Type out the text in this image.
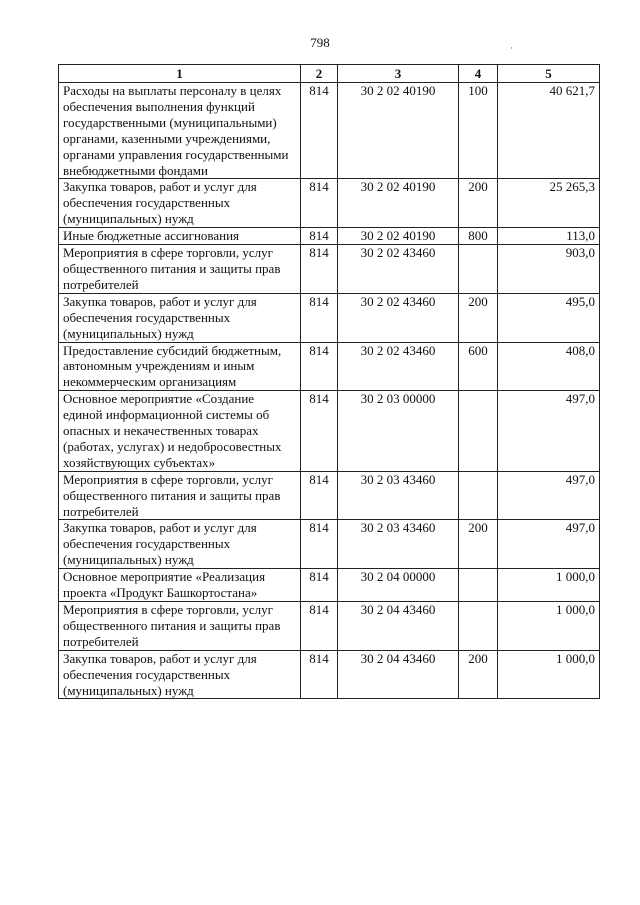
798	·
1	2	3	4	5
Расходы на выплаты персоналу в целях обеспечения выполнения функций государственными (муниципальными) органами, казенными учреждениями, органами управления государственными внебюджетными фондами	814	30 2 02 40190	100	40 621,7
Закупка товаров, работ и услуг для обеспечения государственных (муниципальных) нужд	814	30 2 02 40190	200	25 265,3
Иные бюджетные ассигнования	814	30 2 02 40190	800	113,0
Мероприятия в сфере торговли, услуг общественного питания и защиты прав потребителей	814	30 2 02 43460		903,0
Закупка товаров, работ и услуг для обеспечения государственных (муниципальных) нужд	814	30 2 02 43460	200	495,0
Предоставление субсидий бюджетным, автономным учреждениям и иным некоммерческим организациям	814	30 2 02 43460	600	408,0
Основное мероприятие «Создание единой информационной системы об опасных и некачественных товарах (работах, услугах) и недобросовестных хозяйствующих субъектах»	814	30 2 03 00000		497,0
Мероприятия в сфере торговли, услуг общественного питания и защиты прав потребителей	814	30 2 03 43460		497,0
Закупка товаров, работ и услуг для обеспечения государственных (муниципальных) нужд	814	30 2 03 43460	200	497,0
Основное мероприятие «Реализация проекта «Продукт Башкортостана»	814	30 2 04 00000		1 000,0
Мероприятия в сфере торговли, услуг общественного питания и защиты прав потребителей	814	30 2 04 43460		1 000,0
Закупка товаров, работ и услуг для обеспечения государственных (муниципальных) нужд	814	30 2 04 43460	200	1 000,0
